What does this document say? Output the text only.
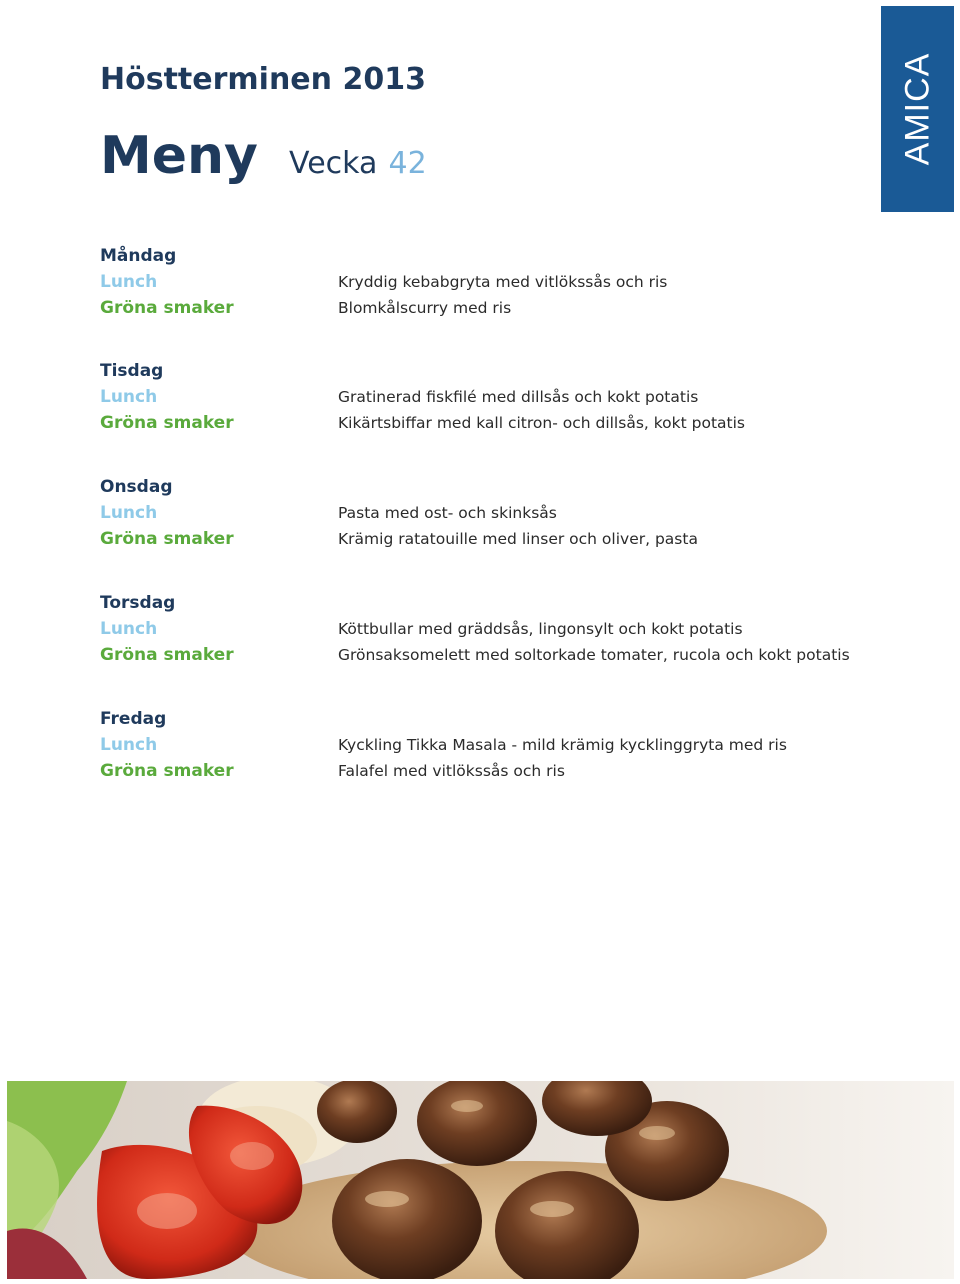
AMICA
Höstterminen 2013
Meny Vecka 42
Måndag
Lunch	Kryddig kebabgryta med vitlökssås och ris
Gröna smaker	Blomkålscurry med ris
Tisdag
Lunch	Gratinerad fiskfilé med dillsås och kokt potatis
Gröna smaker	Kikärtsbiffar med kall citron- och dillsås, kokt potatis
Onsdag
Lunch	Pasta med ost- och skinksås
Gröna smaker	Krämig ratatouille med linser och oliver, pasta
Torsdag
Lunch	Köttbullar med gräddsås, lingonsylt och kokt potatis
Gröna smaker	Grönsaksomelett med soltorkade tomater, rucola och kokt potatis
Fredag
Lunch	Kyckling Tikka Masala - mild krämig kycklinggryta med ris
Gröna smaker	Falafel med vitlökssås och ris
